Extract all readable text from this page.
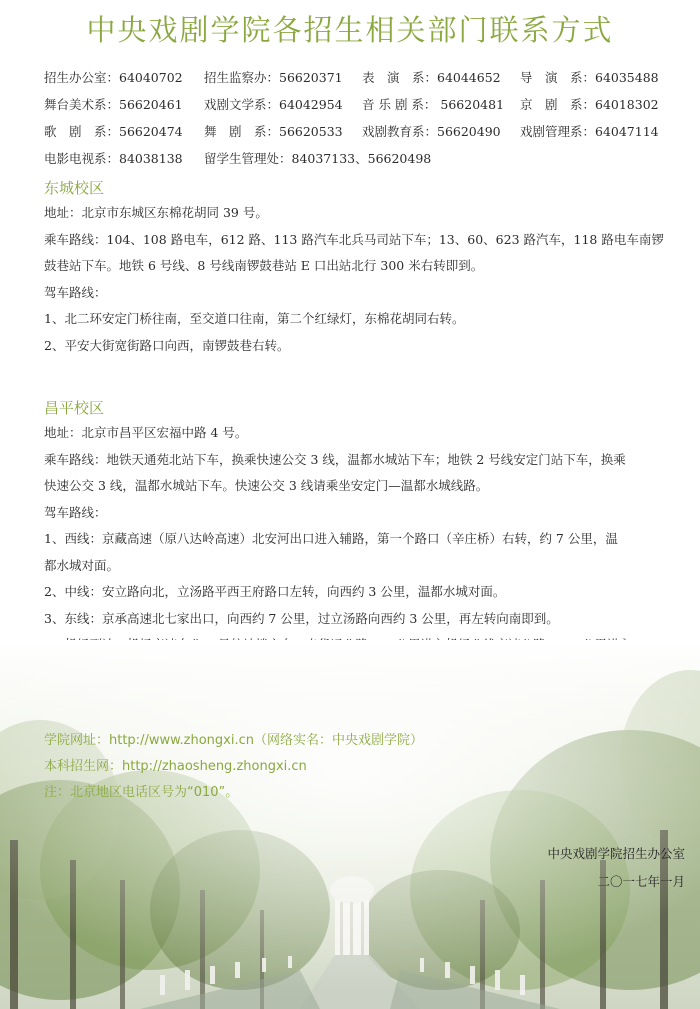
中央戏剧学院各招生相关部门联系方式
招生办公室：64040702	招生监察办：56620371	表　演　系：64044652	导　演　系：64035488
舞台美术系：56620461	戏剧文学系：64042954	音 乐 剧 系： 56620481	京　剧　系：64018302
歌　剧　系：56620474	舞　剧　系：56620533	戏剧教育系：56620490	戏剧管理系：64047114
电影电视系：84038138	留学生管理处：84037133、56620498
东城校区
地址：北京市东城区东棉花胡同 39 号。
乘车路线：104、108 路电车，612 路、113 路汽车北兵马司站下车；13、60、623 路汽车，118 路电车南锣
鼓巷站下车。地铁 6 号线、8 号线南锣鼓巷站 E 口出站北行 300 米右转即到。
驾车路线：
1、北二环安定门桥往南，至交道口往南，第二个红绿灯，东棉花胡同右转。
2、平安大街宽街路口向西，南锣鼓巷右转。
昌平校区
地址：北京市昌平区宏福中路 4 号。
乘车路线：地铁天通苑北站下车，换乘快速公交 3 线，温都水城站下车；地铁 2 号线安定门站下车，换乘
快速公交 3 线，温都水城站下车。快速公交 3 线请乘坐安定门—温都水城线路。
驾车路线：
1、西线：京藏高速（原八达岭高速）北安河出口进入辅路，第一个路口（辛庄桥）右转，约 7 公里，温
都水城对面。
2、中线：安立路向北，立汤路平西王府路口左转，向西约 3 公里，温都水城对面。
3、东线：京承高速北七家出口，向西约 7 公里，过立汤路向西约 3 公里，再左转向南即到。
学院网址：http://www.zhongxi.cn（网络实名：中央戏剧学院）
本科招生网：http://zhaosheng.zhongxi.cn
注：北京地区电话区号为“010”。
中央戏剧学院招生办公室
二〇一七年一月
